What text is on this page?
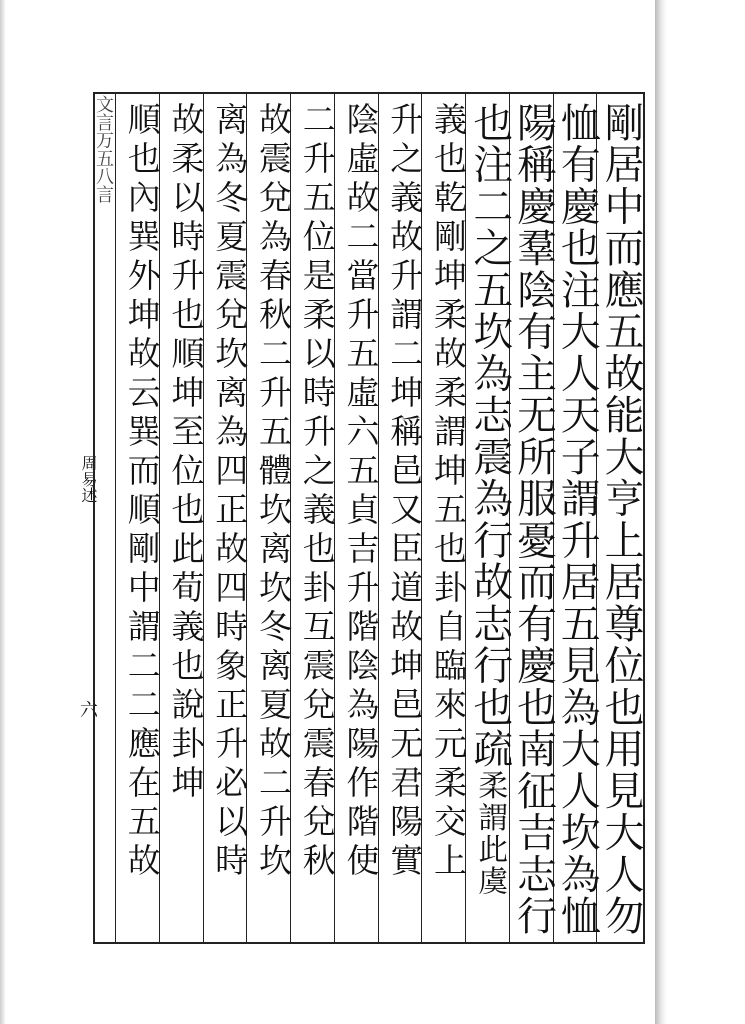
文言万五八言
周易述
六	剛居中而應五故能大亨上居尊位也用見大人勿
恤有慶也注大人天子謂升居五見為大人坎為恤
陽稱慶羣陰有主无所服憂而有慶也南征吉志行
也注二之五坎為志震為行故志行也疏柔謂此虞
義也乾剛坤柔故柔謂坤五也卦自臨來元柔交上
升之義故升謂二坤稱邑又臣道故坤邑无君陽實
陰虛故二當升五虛六五貞吉升階陰為陽作階使
二升五位是柔以時升之義也卦互震兌震春兌秋
故震兌為春秋二升五體坎离坎冬离夏故二升坎
离為冬夏震兌坎离為四正故四時象正升必以時
故柔以時升也順坤至位也此荀義也說卦坤
順也內巽外坤故云巽而順剛中謂二二應在五故
